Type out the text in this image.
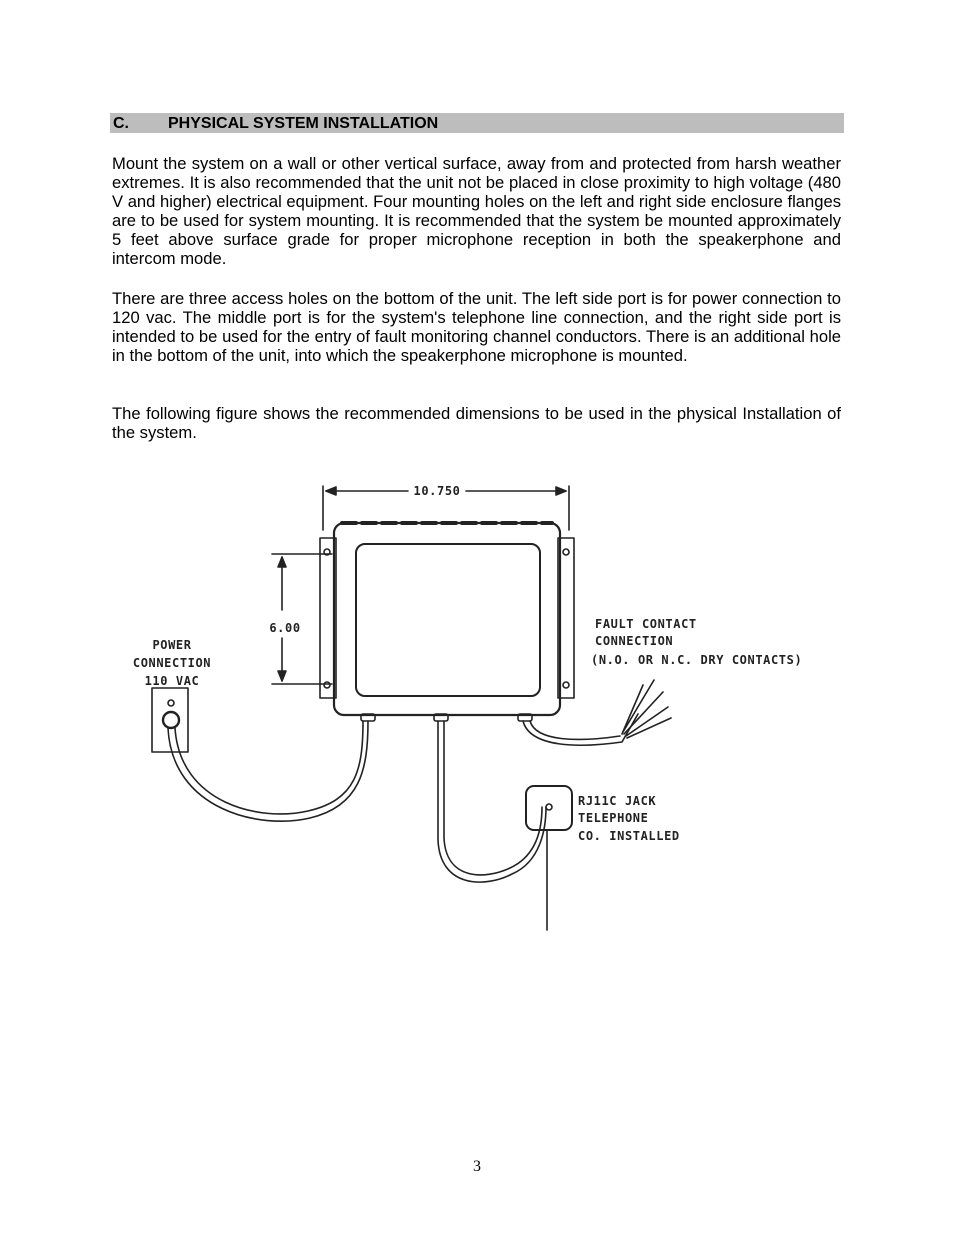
C. PHYSICAL SYSTEM INSTALLATION

Mount the system on a wall or other vertical surface, away from and protected from harsh weather extremes. It is also recommended that the unit not be placed in close proximity to high voltage (480 V and higher) electrical equipment. Four mounting holes on the left and right side enclosure flanges are to be used for system mounting. It is recommended that the system be mounted approximately 5 feet above surface grade for proper microphone reception in both the speakerphone and intercom mode.

There are three access holes on the bottom of the unit. The left side port is for power connection to 120 vac. The middle port is for the system's telephone line connection, and the right side port is intended to be used for the entry of fault monitoring channel conductors. There is an additional hole in the bottom of the unit, into which the speakerphone microphone is mounted.

The following figure shows the recommended dimensions to be used in the physical Installation of the system.

10.750
6.00
POWER
CONNECTION
110 VAC
FAULT CONTACT
CONNECTION
(N.O. OR N.C. DRY CONTACTS)
RJ11C JACK
TELEPHONE
CO. INSTALLED
3
